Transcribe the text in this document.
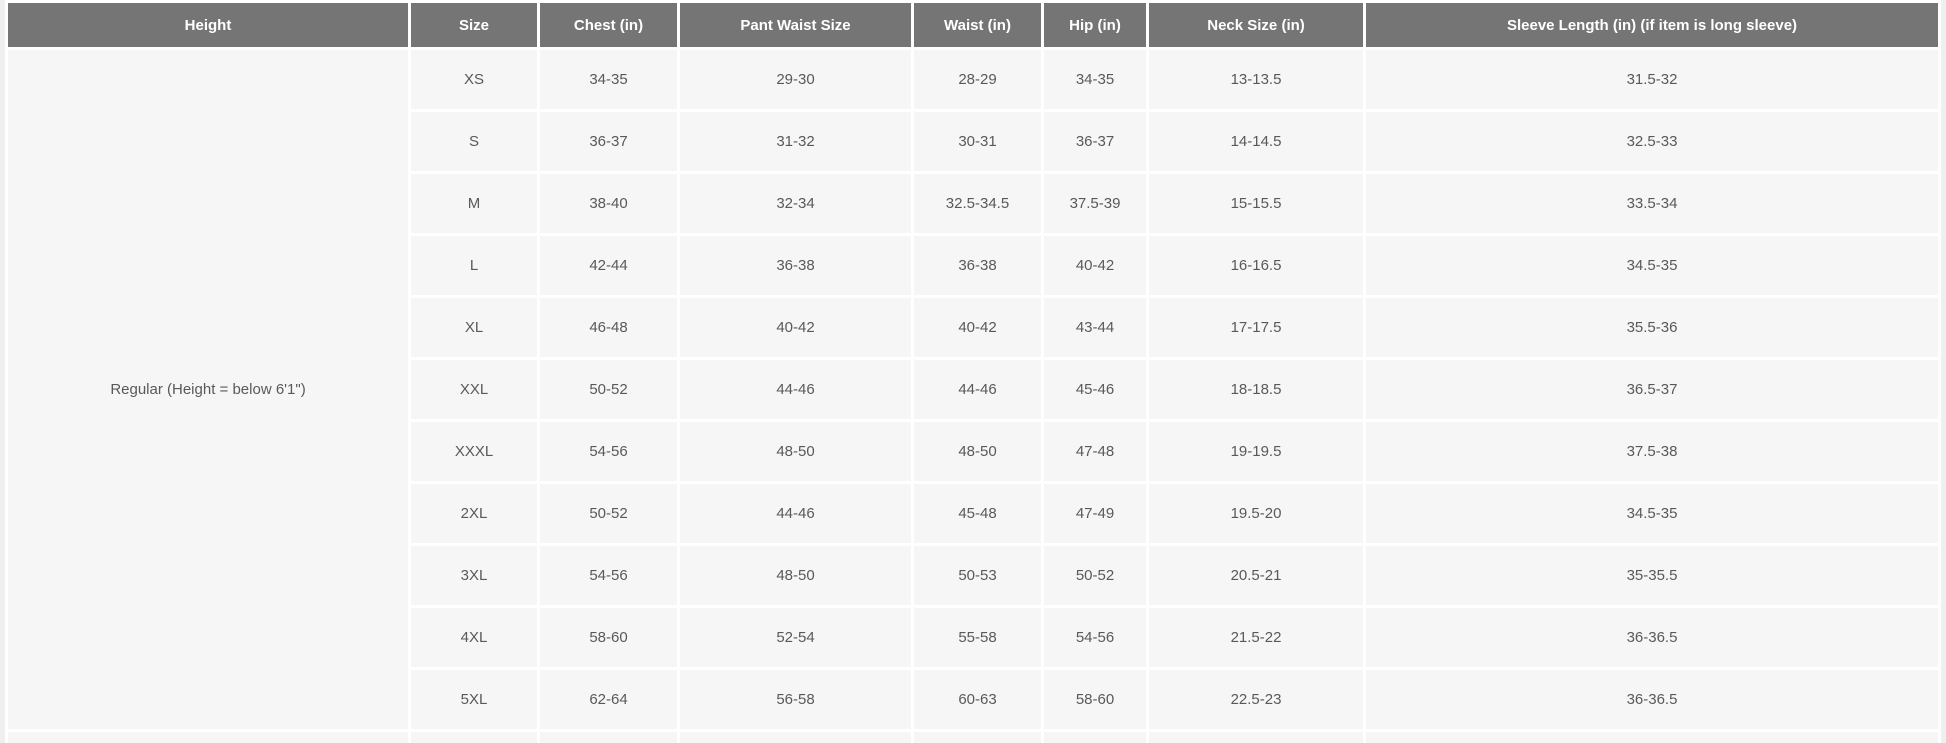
Height	Size	Chest (in)	Pant Waist Size	Waist (in)	Hip (in)	Neck Size (in)	Sleeve Length (in) (if item is long sleeve)
Regular (Height = below 6'1")	XS	34-35	29-30	28-29	34-35	13-13.5	31.5-32
	S	36-37	31-32	30-31	36-37	14-14.5	32.5-33
	M	38-40	32-34	32.5-34.5	37.5-39	15-15.5	33.5-34
	L	42-44	36-38	36-38	40-42	16-16.5	34.5-35
	XL	46-48	40-42	40-42	43-44	17-17.5	35.5-36
	XXL	50-52	44-46	44-46	45-46	18-18.5	36.5-37
	XXXL	54-56	48-50	48-50	47-48	19-19.5	37.5-38
	2XL	50-52	44-46	45-48	47-49	19.5-20	34.5-35
	3XL	54-56	48-50	50-53	50-52	20.5-21	35-35.5
	4XL	58-60	52-54	55-58	54-56	21.5-22	36-36.5
	5XL	62-64	56-58	60-63	58-60	22.5-23	36-36.5
